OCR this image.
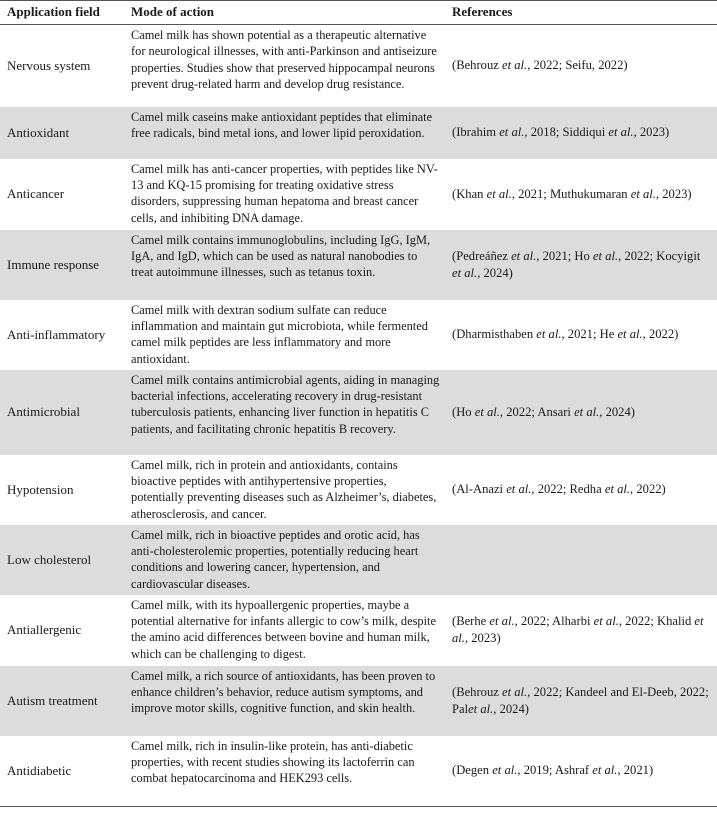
Application field	Mode of action	References
Nervous system	Camel milk has shown potential as a therapeutic alternative for neurological illnesses, with anti-Parkinson and antiseizure properties. Studies show that preserved hippocampal neurons prevent drug-related harm and develop drug resistance.	(Behrouz et al., 2022; Seifu, 2022)
Antioxidant	Camel milk caseins make antioxidant peptides that eliminate free radicals, bind metal ions, and lower lipid peroxidation.	(Ibrahim et al., 2018; Siddiqui et al., 2023)
Anticancer	Camel milk has anti-cancer properties, with peptides like NV-13 and KQ-15 promising for treating oxidative stress disorders, suppressing human hepatoma and breast cancer cells, and inhibiting DNA damage.	(Khan et al., 2021; Muthukumaran et al., 2023)
Immune response	Camel milk contains immunoglobulins, including IgG, IgM, IgA, and IgD, which can be used as natural nanobodies to treat autoimmune illnesses, such as tetanus toxin.	(Pedreáñez et al., 2021; Ho et al., 2022; Kocyigit et al., 2024)
Anti-inflammatory	Camel milk with dextran sodium sulfate can reduce inflammation and maintain gut microbiota, while fermented camel milk peptides are less inflammatory and more antioxidant.	(Dharmisthaben et al., 2021; He et al., 2022)
Antimicrobial	Camel milk contains antimicrobial agents, aiding in managing bacterial infections, accelerating recovery in drug-resistant tuberculosis patients, enhancing liver function in hepatitis C patients, and facilitating chronic hepatitis B recovery.	(Ho et al., 2022; Ansari et al., 2024)
Hypotension	Camel milk, rich in protein and antioxidants, contains bioactive peptides with antihypertensive properties, potentially preventing diseases such as Alzheimer’s, diabetes, atherosclerosis, and cancer.	(Al-Anazi et al., 2022; Redha et al., 2022)
Low cholesterol	Camel milk, rich in bioactive peptides and orotic acid, has anti-cholesterolemic properties, potentially reducing heart conditions and lowering cancer, hypertension, and cardiovascular diseases.	
Antiallergenic	Camel milk, with its hypoallergenic properties, maybe a potential alternative for infants allergic to cow’s milk, despite the amino acid differences between bovine and human milk, which can be challenging to digest.	(Berhe et al., 2022; Alharbi et al., 2022; Khalid et al., 2023)
Autism treatment	Camel milk, a rich source of antioxidants, has been proven to enhance children’s behavior, reduce autism symptoms, and improve motor skills, cognitive function, and skin health.	(Behrouz et al., 2022; Kandeel and El-Deeb, 2022; Palet al., 2024)
Antidiabetic	Camel milk, rich in insulin-like protein, has anti-diabetic properties, with recent studies showing its lactoferrin can combat hepatocarcinoma and HEK293 cells.	(Degen et al., 2019; Ashraf et al., 2021)
